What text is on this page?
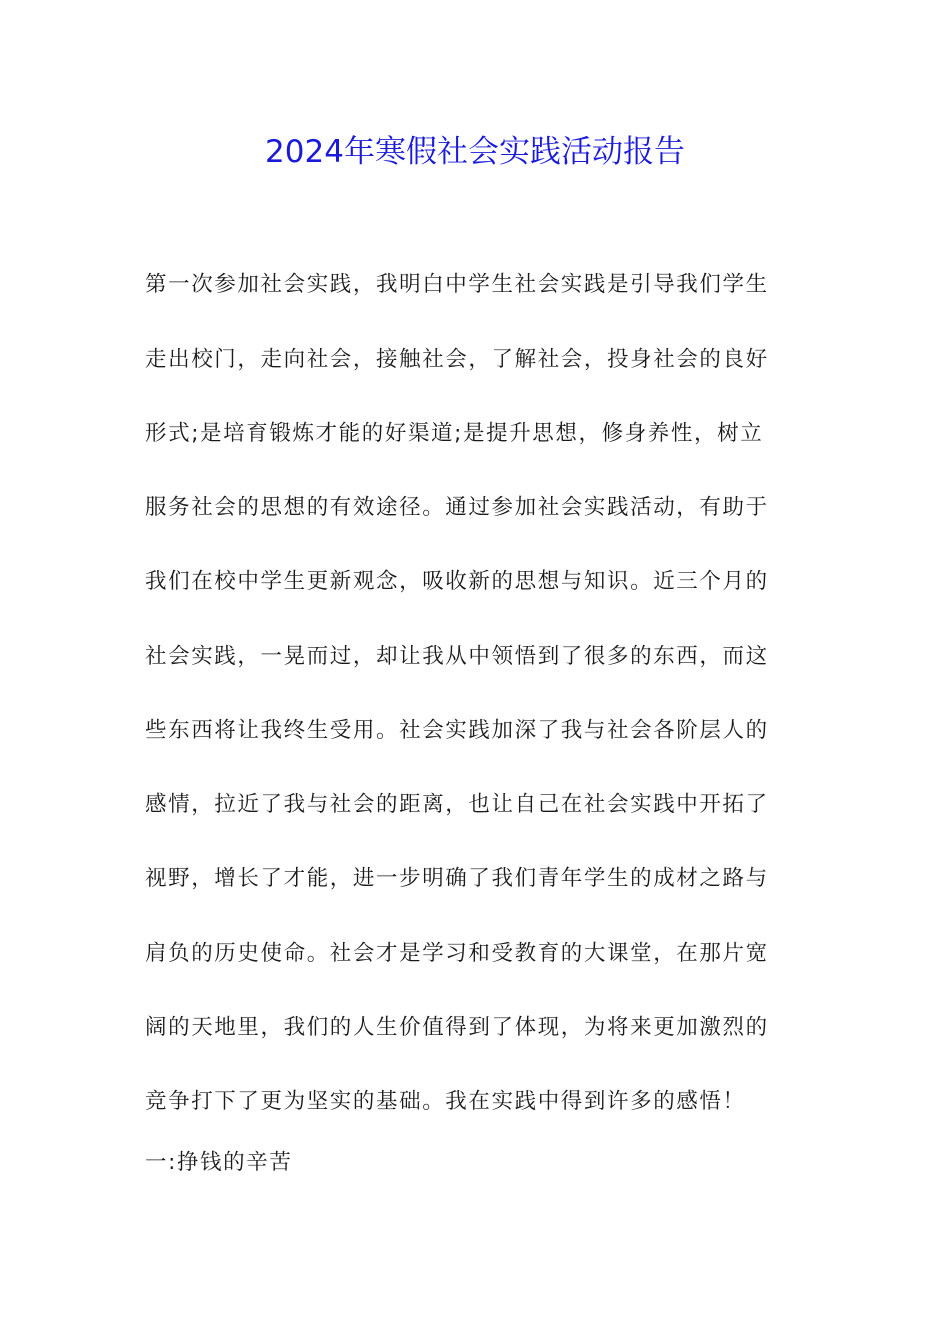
2024年寒假社会实践活动报告
第一次参加社会实践，我明白中学生社会实践是引导我们学生
走出校门，走向社会，接触社会，了解社会，投身社会的良好
形式;是培育锻炼才能的好渠道;是提升思想，修身养性，树立
服务社会的思想的有效途径。通过参加社会实践活动，有助于
我们在校中学生更新观念，吸收新的思想与知识。近三个月的
社会实践，一晃而过，却让我从中领悟到了很多的东西，而这
些东西将让我终生受用。社会实践加深了我与社会各阶层人的
感情，拉近了我与社会的距离，也让自己在社会实践中开拓了
视野，增长了才能，进一步明确了我们青年学生的成材之路与
肩负的历史使命。社会才是学习和受教育的大课堂，在那片宽
阔的天地里，我们的人生价值得到了体现，为将来更加激烈的
竞争打下了更为坚实的基础。我在实践中得到许多的感悟！
一:挣钱的辛苦
